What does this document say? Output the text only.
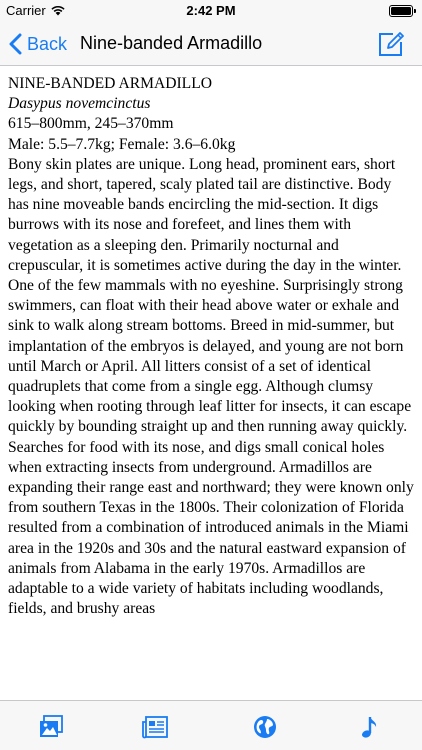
Carrier	2:42 PM
Back Nine-banded Armadillo
NINE-BANDED ARMADILLO
Dasypus novemcinctus
615–800mm, 245–370mm
Male: 5.5–7.7kg; Female: 3.6–6.0kg
Bony skin plates are unique. Long head, prominent ears, short legs, and short, tapered, scaly plated tail are distinctive. Body has nine moveable bands encircling the mid-section. It digs burrows with its nose and forefeet, and lines them with vegetation as a sleeping den. Primarily nocturnal and crepuscular, it is sometimes active during the day in the winter. One of the few mammals with no eyeshine. Surprisingly strong swimmers, can float with their head above water or exhale and sink to walk along stream bottoms. Breed in mid-summer, but implantation of the embryos is delayed, and young are not born until March or April. All litters consist of a set of identical quadruplets that come from a single egg. Although clumsy looking when rooting through leaf litter for insects, it can escape quickly by bounding straight up and then running away quickly. Searches for food with its nose, and digs small conical holes when extracting insects from underground. Armadillos are expanding their range east and northward; they were known only from southern Texas in the 1800s. Their colonization of Florida resulted from a combination of introduced animals in the Miami area in the 1920s and 30s and the natural eastward expansion of animals from Alabama in the early 1970s. Armadillos are adaptable to a wide variety of habitats including woodlands, fields, and brushy areas
